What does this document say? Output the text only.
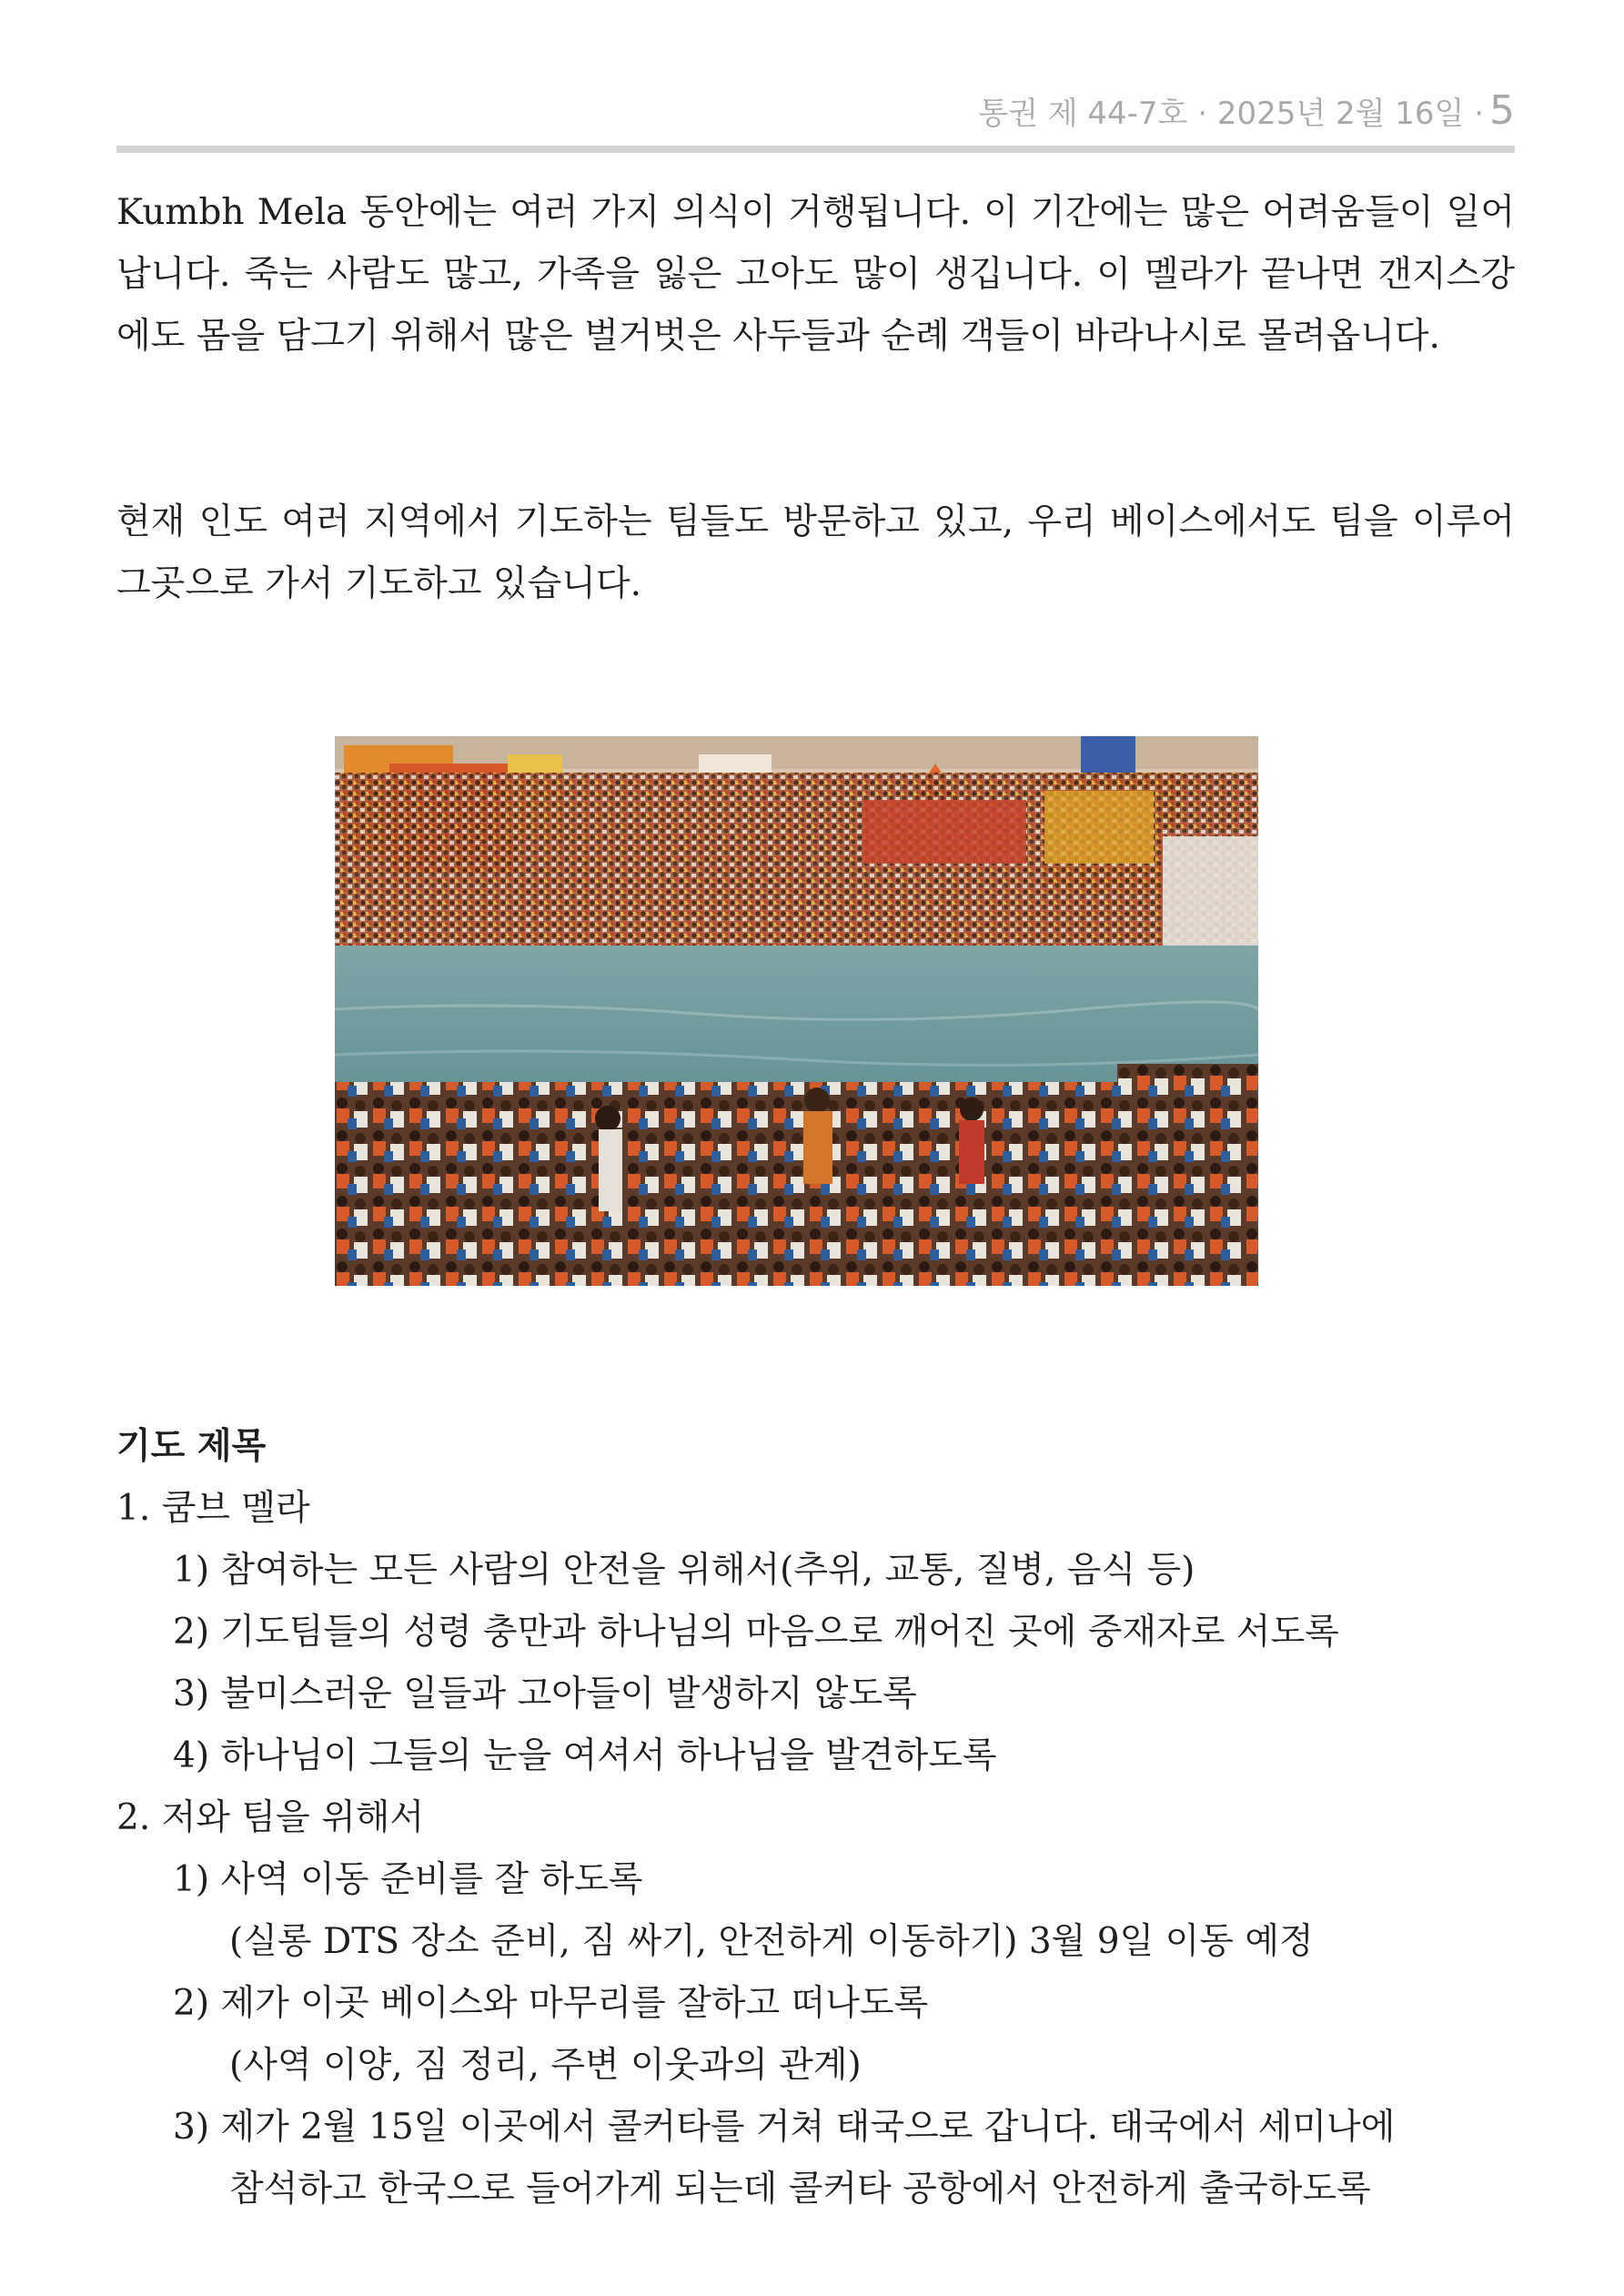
통권 제 44-7호 · 2025년 2월 16일 · 5

Kumbh Mela 동안에는 여러 가지 의식이 거행됩니다. 이 기간에는 많은 어려움들이 일어납니다. 죽는 사람도 많고, 가족을 잃은 고아도 많이 생깁니다. 이 멜라가 끝나면 갠지스강에도 몸을 담그기 위해서 많은 벌거벗은 사두들과 순례 객들이 바라나시로 몰려옵니다.

현재 인도 여러 지역에서 기도하는 팀들도 방문하고 있고, 우리 베이스에서도 팀을 이루어 그곳으로 가서 기도하고 있습니다.

기도 제목
1. 쿰브 멜라
1) 참여하는 모든 사람의 안전을 위해서(추위, 교통, 질병, 음식 등)
2) 기도팀들의 성령 충만과 하나님의 마음으로 깨어진 곳에 중재자로 서도록
3) 불미스러운 일들과 고아들이 발생하지 않도록
4) 하나님이 그들의 눈을 여셔서 하나님을 발견하도록
2. 저와 팀을 위해서
1) 사역 이동 준비를 잘 하도록
(실롱 DTS 장소 준비, 짐 싸기, 안전하게 이동하기) 3월 9일 이동 예정
2) 제가 이곳 베이스와 마무리를 잘하고 떠나도록
(사역 이양, 짐 정리, 주변 이웃과의 관계)
3) 제가 2월 15일 이곳에서 콜커타를 거쳐 태국으로 갑니다. 태국에서 세미나에
참석하고 한국으로 들어가게 되는데 콜커타 공항에서 안전하게 출국하도록
